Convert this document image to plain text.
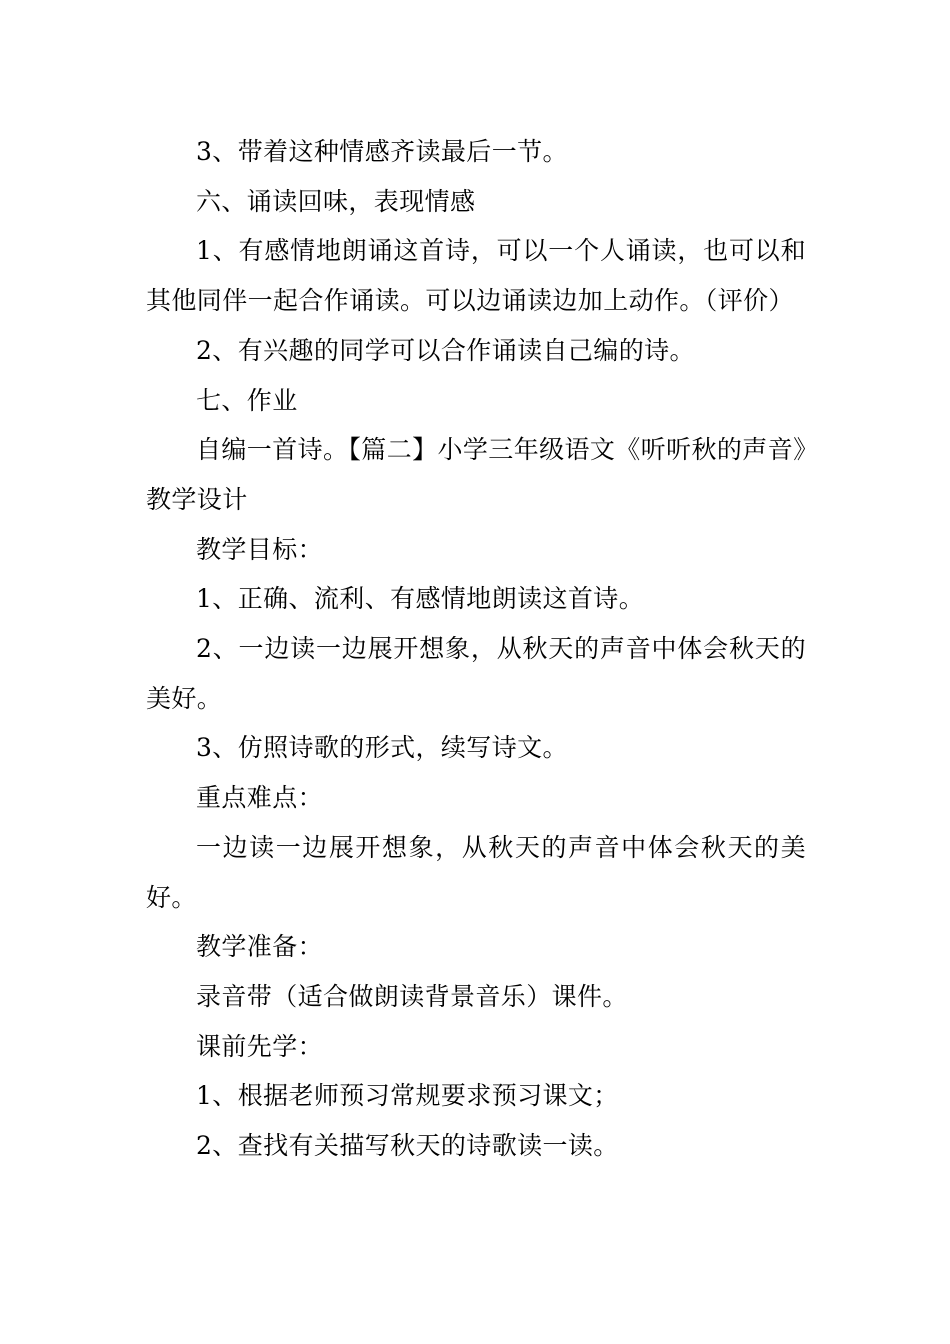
3、带着这种情感齐读最后一节。

六、诵读回味，表现情感

1、有感情地朗诵这首诗，可以一个人诵读，也可以和其他同伴一起合作诵读。可以边诵读边加上动作。（评价）

2、有兴趣的同学可以合作诵读自己编的诗。

七、作业

自编一首诗。【篇二】小学三年级语文《听听秋的声音》教学设计

教学目标：

1、正确、流利、有感情地朗读这首诗。

2、一边读一边展开想象，从秋天的声音中体会秋天的美好。

3、仿照诗歌的形式，续写诗文。

重点难点：

一边读一边展开想象，从秋天的声音中体会秋天的美好。

教学准备：

录音带（适合做朗读背景音乐）课件。

课前先学：

1、根据老师预习常规要求预习课文；

2、查找有关描写秋天的诗歌读一读。
